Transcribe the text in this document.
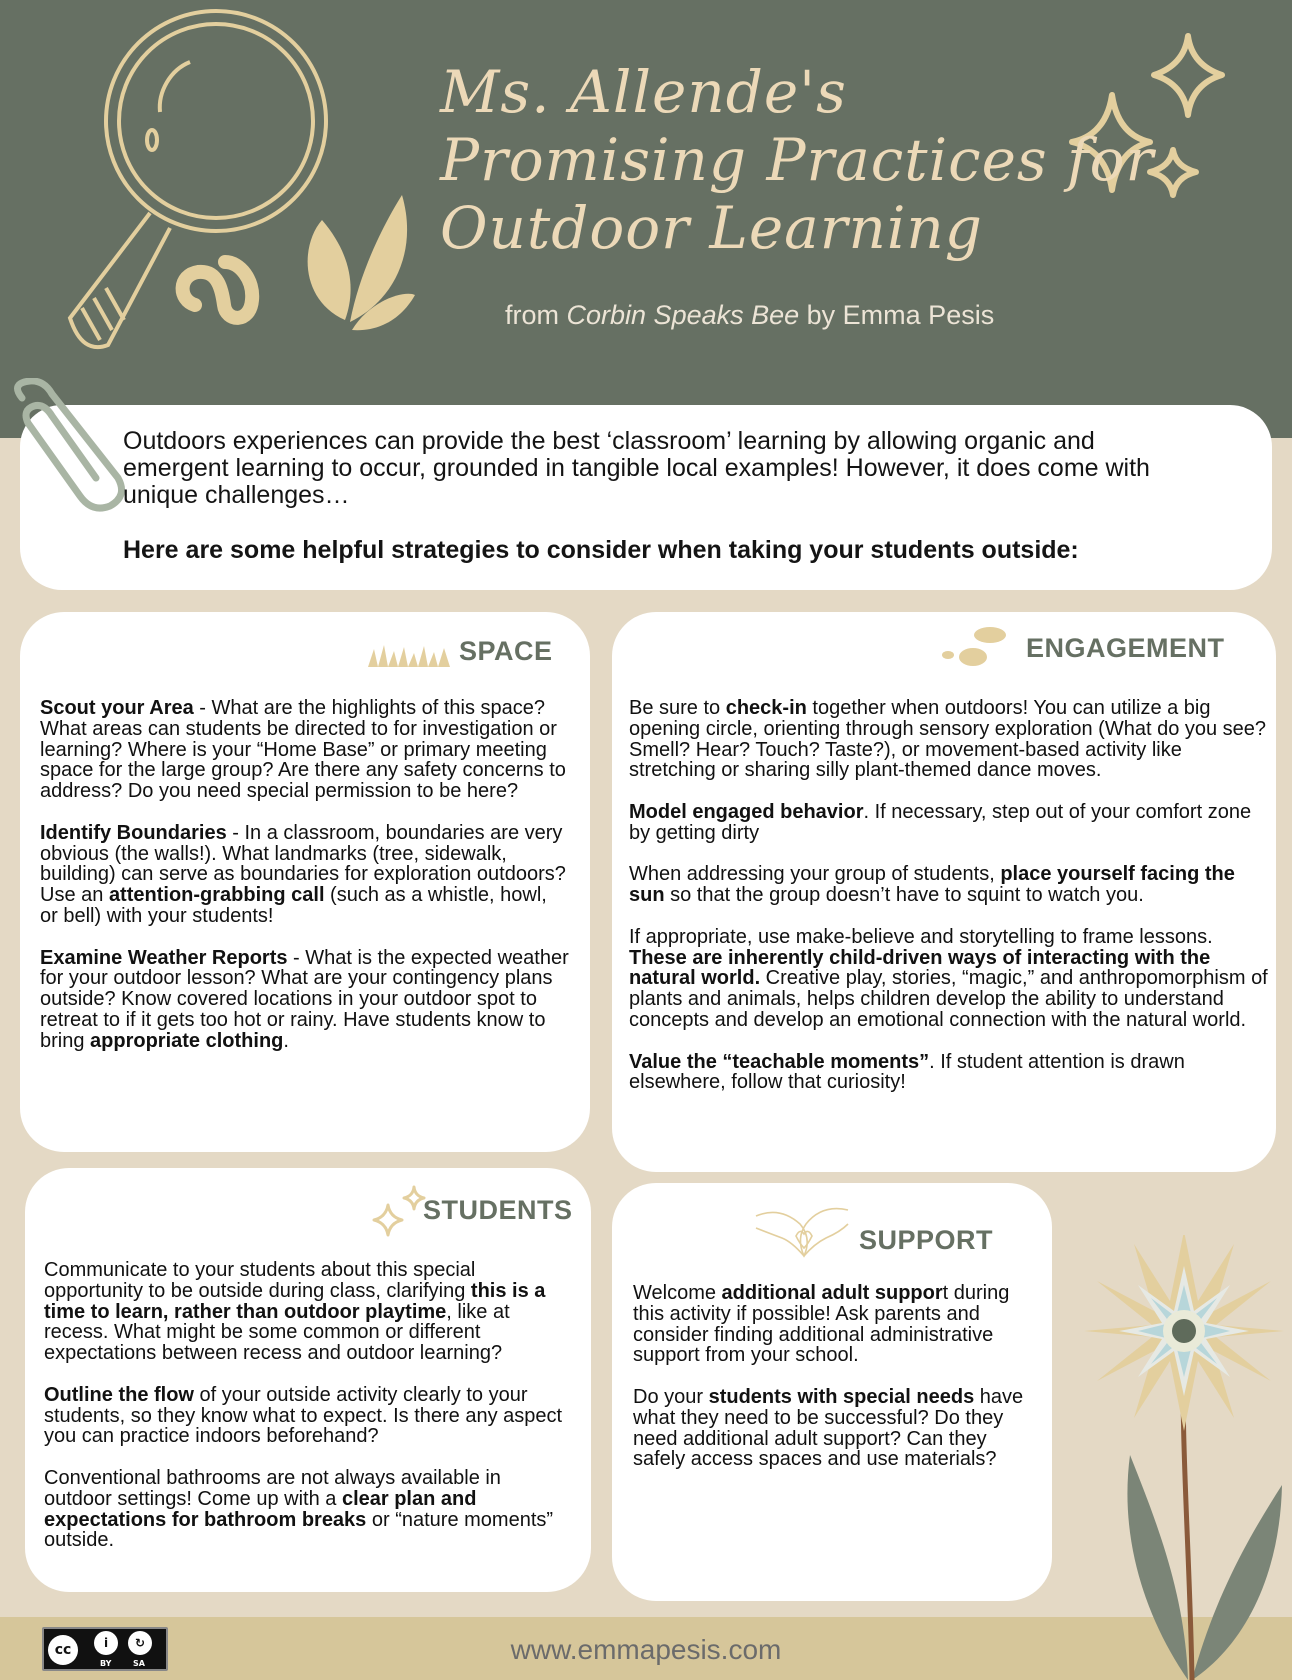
Ms. Allende's
Promising Practices for
Outdoor Learning
from Corbin Speaks Bee by Emma Pesis
Outdoors experiences can provide the best ‘classroom’ learning by allowing organic and emergent learning to occur, grounded in tangible local examples! However, it does come with unique challenges…
Here are some helpful strategies to consider when taking your students outside:
SPACE

Scout your Area - What are the highlights of this space? What areas can students be directed to for investigation or learning? Where is your “Home Base” or primary meeting space for the large group? Are there any safety concerns to address? Do you need special permission to be here?

Identify Boundaries - In a classroom, boundaries are very obvious (the walls!). What landmarks (tree, sidewalk, building) can serve as boundaries for exploration outdoors? Use an attention-grabbing call (such as a whistle, howl, or bell) with your students!

Examine Weather Reports - What is the expected weather for your outdoor lesson? What are your contingency plans outside? Know covered locations in your outdoor spot to retreat to if it gets too hot or rainy. Have students know to bring appropriate clothing.

ENGAGEMENT

Be sure to check-in together when outdoors! You can utilize a big opening circle, orienting through sensory exploration (What do you see? Smell? Hear? Touch? Taste?), or movement-based activity like stretching or sharing silly plant-themed dance moves.

Model engaged behavior. If necessary, step out of your comfort zone by getting dirty

When addressing your group of students, place yourself facing the sun so that the group doesn’t have to squint to watch you.

If appropriate, use make-believe and storytelling to frame lessons. These are inherently child-driven ways of interacting with the natural world. Creative play, stories, “magic,” and anthropomorphism of plants and animals, helps children develop the ability to understand concepts and develop an emotional connection with the natural world.

Value the “teachable moments”. If student attention is drawn elsewhere, follow that curiosity!

STUDENTS

Communicate to your students about this special opportunity to be outside during class, clarifying this is a time to learn, rather than outdoor playtime, like at recess. What might be some common or different expectations between recess and outdoor learning?

Outline the flow of your outside activity clearly to your students, so they know what to expect. Is there any aspect you can practice indoors beforehand?

Conventional bathrooms are not always available in outdoor settings! Come up with a clear plan and expectations for bathroom breaks or “nature moments” outside.

SUPPORT

Welcome additional adult support during this activity if possible! Ask parents and consider finding additional administrative support from your school.

Do your students with special needs have what they need to be successful? Do they need additional adult support? Can they safely access spaces and use materials?

www.emmapesis.com
cc	i	↻
BY	SA
